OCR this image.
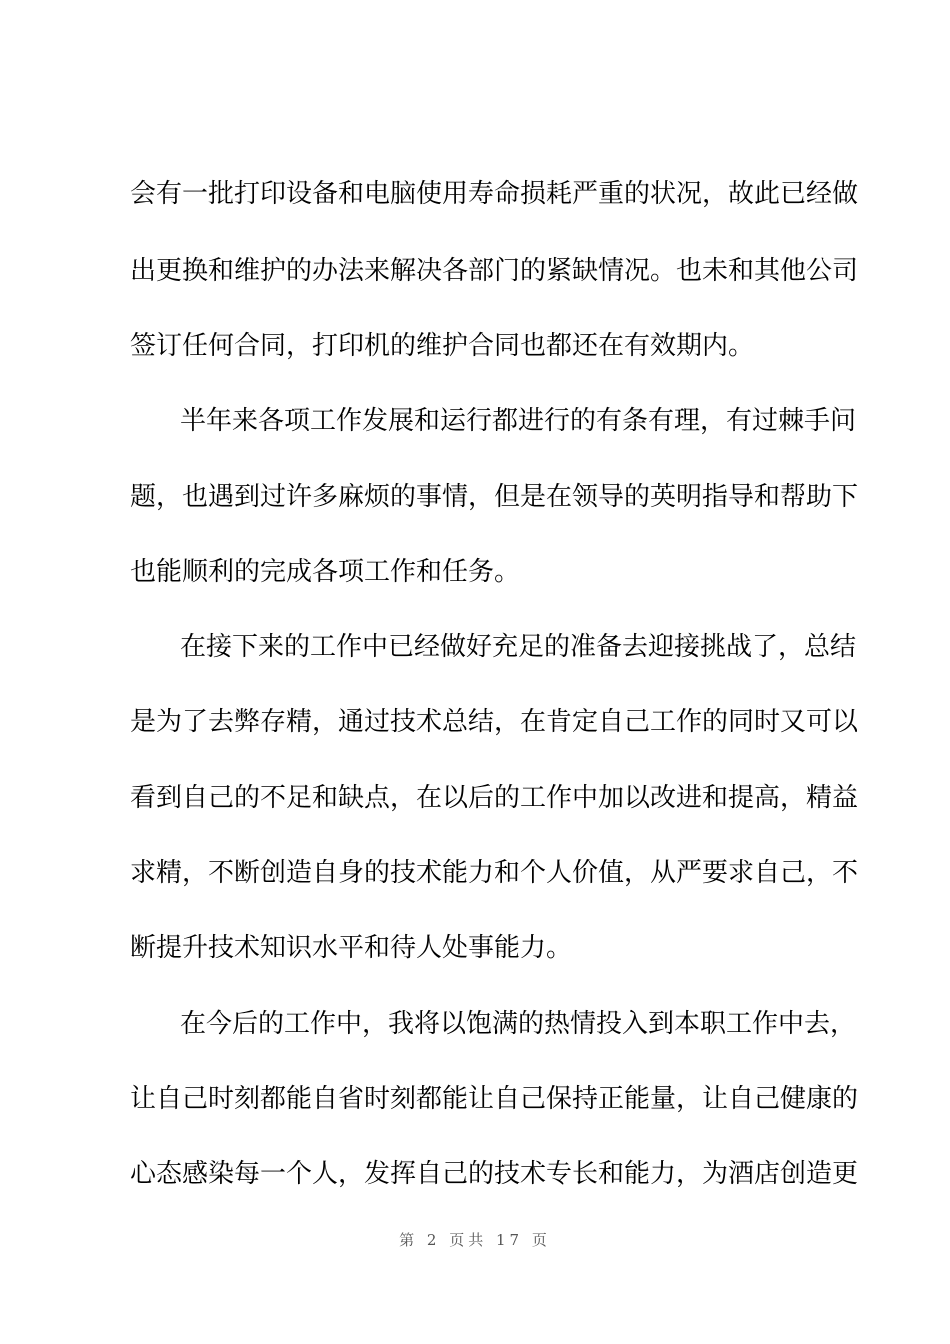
会有一批打印设备和电脑使用寿命损耗严重的状况，故此已经做
出更换和维护的办法来解决各部门的紧缺情况。也未和其他公司
签订任何合同，打印机的维护合同也都还在有效期内。
半年来各项工作发展和运行都进行的有条有理，有过棘手问
题，也遇到过许多麻烦的事情，但是在领导的英明指导和帮助下
也能顺利的完成各项工作和任务。
在接下来的工作中已经做好充足的准备去迎接挑战了，总结
是为了去弊存精，通过技术总结，在肯定自己工作的同时又可以
看到自己的不足和缺点，在以后的工作中加以改进和提高，精益
求精，不断创造自身的技术能力和个人价值，从严要求自己，不
断提升技术知识水平和待人处事能力。
在今后的工作中，我将以饱满的热情投入到本职工作中去，
让自己时刻都能自省时刻都能让自己保持正能量，让自己健康的
心态感染每一个人，发挥自己的技术专长和能力，为酒店创造更
第 2 页共 17 页
